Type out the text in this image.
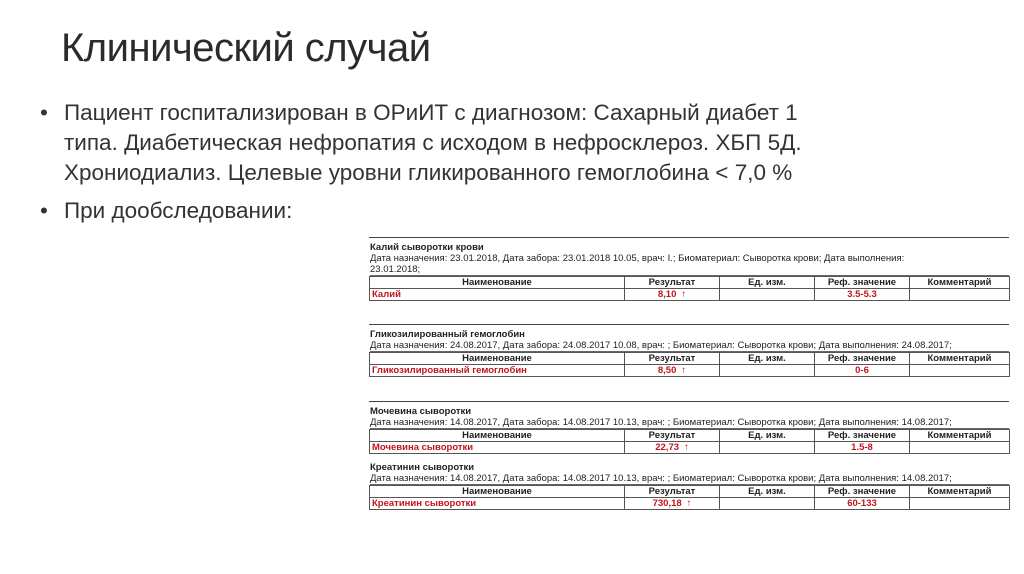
Клинический случай
• Пациент госпитализирован в ОРиИТ с диагнозом: Сахарный диабет 1 типа. Диабетическая нефропатия с исходом в нефросклероз. ХБП 5Д. Хрониодиализ. Целевые уровни гликированного гемоглобина < 7,0 %
• При дообследовании:
Калий сыворотки крови
Дата назначения: 23.01.2018, Дата забора: 23.01.2018 10.05, врач: I.; Биоматериал: Сыворотка крови; Дата выполнения:
23.01.2018;
Наименование	Результат	Ед. изм.	Реф. значение	Комментарий
Калий	8,10 ↑		3.5-5.3	
Гликозилированный гемоглобин
Дата назначения: 24.08.2017, Дата забора: 24.08.2017 10.08, врач: ; Биоматериал: Сыворотка крови; Дата выполнения: 24.08.2017;
Наименование	Результат	Ед. изм.	Реф. значение	Комментарий
Гликозилированный гемоглобин	8,50 ↑		0-6	
Мочевина сыворотки
Дата назначения: 14.08.2017, Дата забора: 14.08.2017 10.13, врач: ; Биоматериал: Сыворотка крови; Дата выполнения: 14.08.2017;
Наименование	Результат	Ед. изм.	Реф. значение	Комментарий
Мочевина сыворотки	22,73 ↑		1.5-8	
Креатинин сыворотки
Дата назначения: 14.08.2017, Дата забора: 14.08.2017 10.13, врач: ; Биоматериал: Сыворотка крови; Дата выполнения: 14.08.2017;
Наименование	Результат	Ед. изм.	Реф. значение	Комментарий
Креатинин сыворотки	730,18 ↑		60-133	
